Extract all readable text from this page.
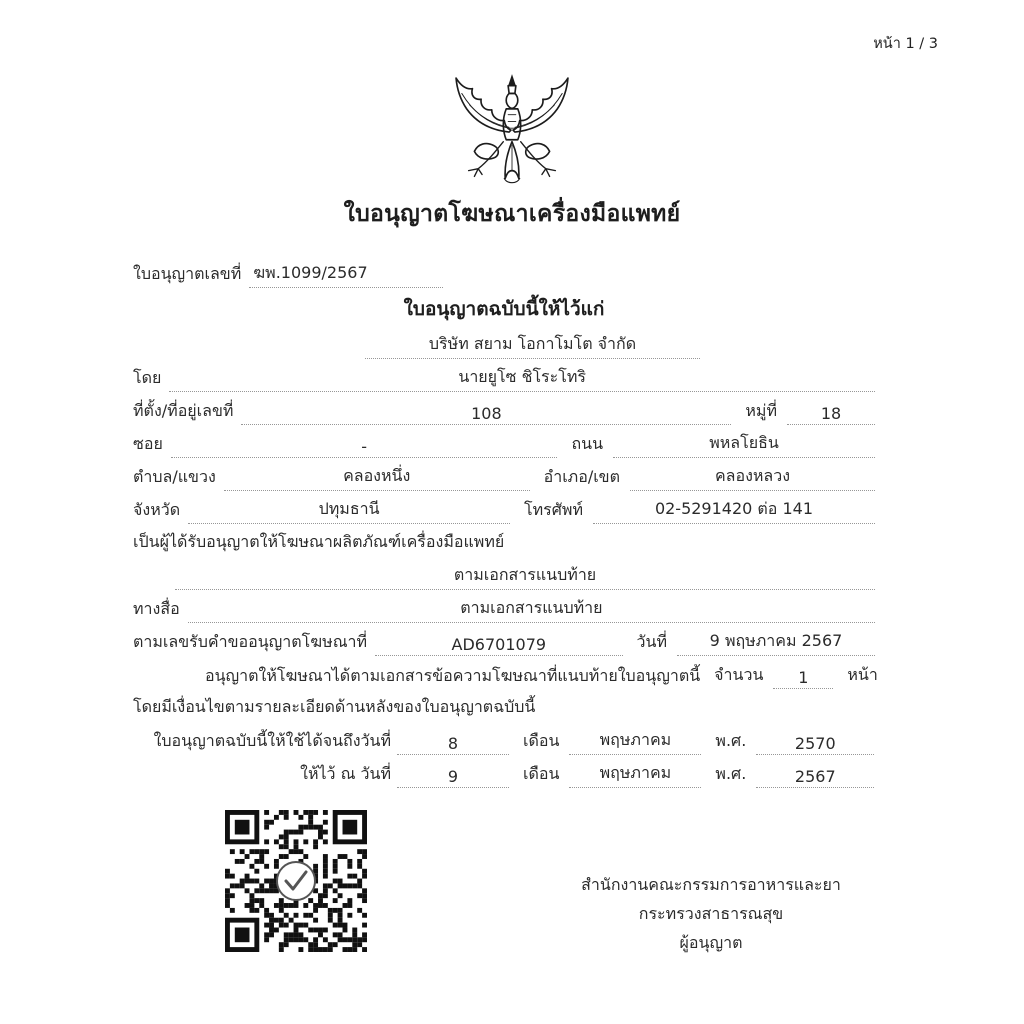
หน้า 1 / 3
ใบอนุญาตโฆษณาเครื่องมือแพทย์
ใบอนุญาตเลขที่ ฆพ.1099/2567
ใบอนุญาตฉบับนี้ให้ไว้แก่
บริษัท สยาม โอกาโมโต จำกัด
โดย	นายยูโซ ชิโระโทริ
ที่ตั้ง/ที่อยู่เลขที่	108	หมู่ที่	18
ซอย	-	ถนน	พหลโยธิน
ตำบล/แขวง	คลองหนึ่ง	อำเภอ/เขต	คลองหลวง
จังหวัด	ปทุมธานี	โทรศัพท์	02-5291420 ต่อ 141
เป็นผู้ได้รับอนุญาตให้โฆษณาผลิตภัณฑ์เครื่องมือแพทย์
ตามเอกสารแนบท้าย
ทางสื่อ	ตามเอกสารแนบท้าย
ตามเลขรับคำขออนุญาตโฆษณาที่	AD6701079	วันที่	9 พฤษภาคม 2567
อนุญาตให้โฆษณาได้ตามเอกสารข้อความโฆษณาที่แนบท้ายใบอนุญาตนี้ จำนวน	1	หน้า
โดยมีเงื่อนไขตามรายละเอียดด้านหลังของใบอนุญาตฉบับนี้
ใบอนุญาตฉบับนี้ให้ใช้ได้จนถึงวันที่	8	เดือน	พฤษภาคม	พ.ศ.	2570
ให้ไว้ ณ วันที่	9	เดือน	พฤษภาคม	พ.ศ.	2567
สำนักงานคณะกรรมการอาหารและยา
กระทรวงสาธารณสุข
ผู้อนุญาต
